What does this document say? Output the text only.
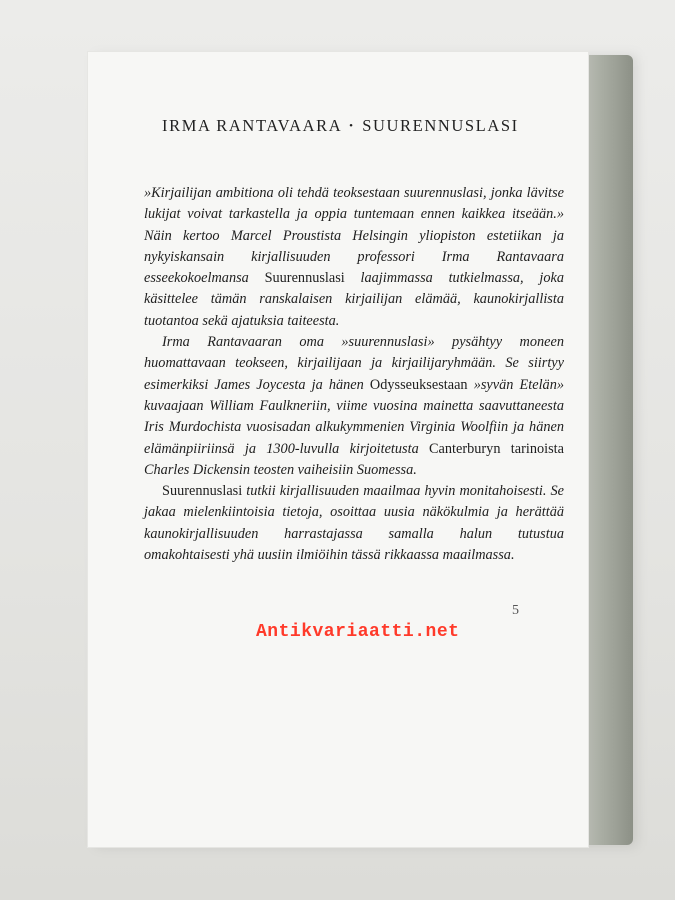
IRMA RANTAVAARA • SUURENNUSLASI

»Kirjailijan ambitiona oli tehdä teoksestaan suurennuslasi, jonka lävitse lukijat voivat tarkastella ja oppia tuntemaan ennen kaikkea itseään.» Näin kertoo Marcel Proustista Helsingin yliopiston estetiikan ja nykyiskansain kirjallisuuden professori Irma Rantavaara esseekokoelmansa Suurennuslasi laajimmassa tutkielmassa, joka käsittelee tämän ranskalaisen kirjailijan elämää, kaunokirjallista tuotantoa sekä ajatuksia taiteesta.

Irma Rantavaaran oma »suurennuslasi» pysähtyy moneen huomattavaan teokseen, kirjailijaan ja kirjailijaryhmään. Se siirtyy esimerkiksi James Joycesta ja hänen Odysseuksestaan »syvän Etelän» kuvaajaan William Faulkneriin, viime vuosina mainetta saavuttaneesta Iris Murdochista vuosisadan alkukymmenien Virginia Woolfiin ja hänen elämänpiiriinsä ja 1300-luvulla kirjoitetusta Canterburyn tarinoista Charles Dickensin teosten vaiheisiin Suomessa.

Suurennuslasi tutkii kirjallisuuden maailmaa hyvin monitahoisesti. Se jakaa mielenkiintoisia tietoja, osoittaa uusia näkökulmia ja herättää kaunokirjallisuuden harrastajassa samalla halun tutustua omakohtaisesti yhä uusiin ilmiöihin tässä rikkaassa maailmassa.

5
Antikvariaatti.net
